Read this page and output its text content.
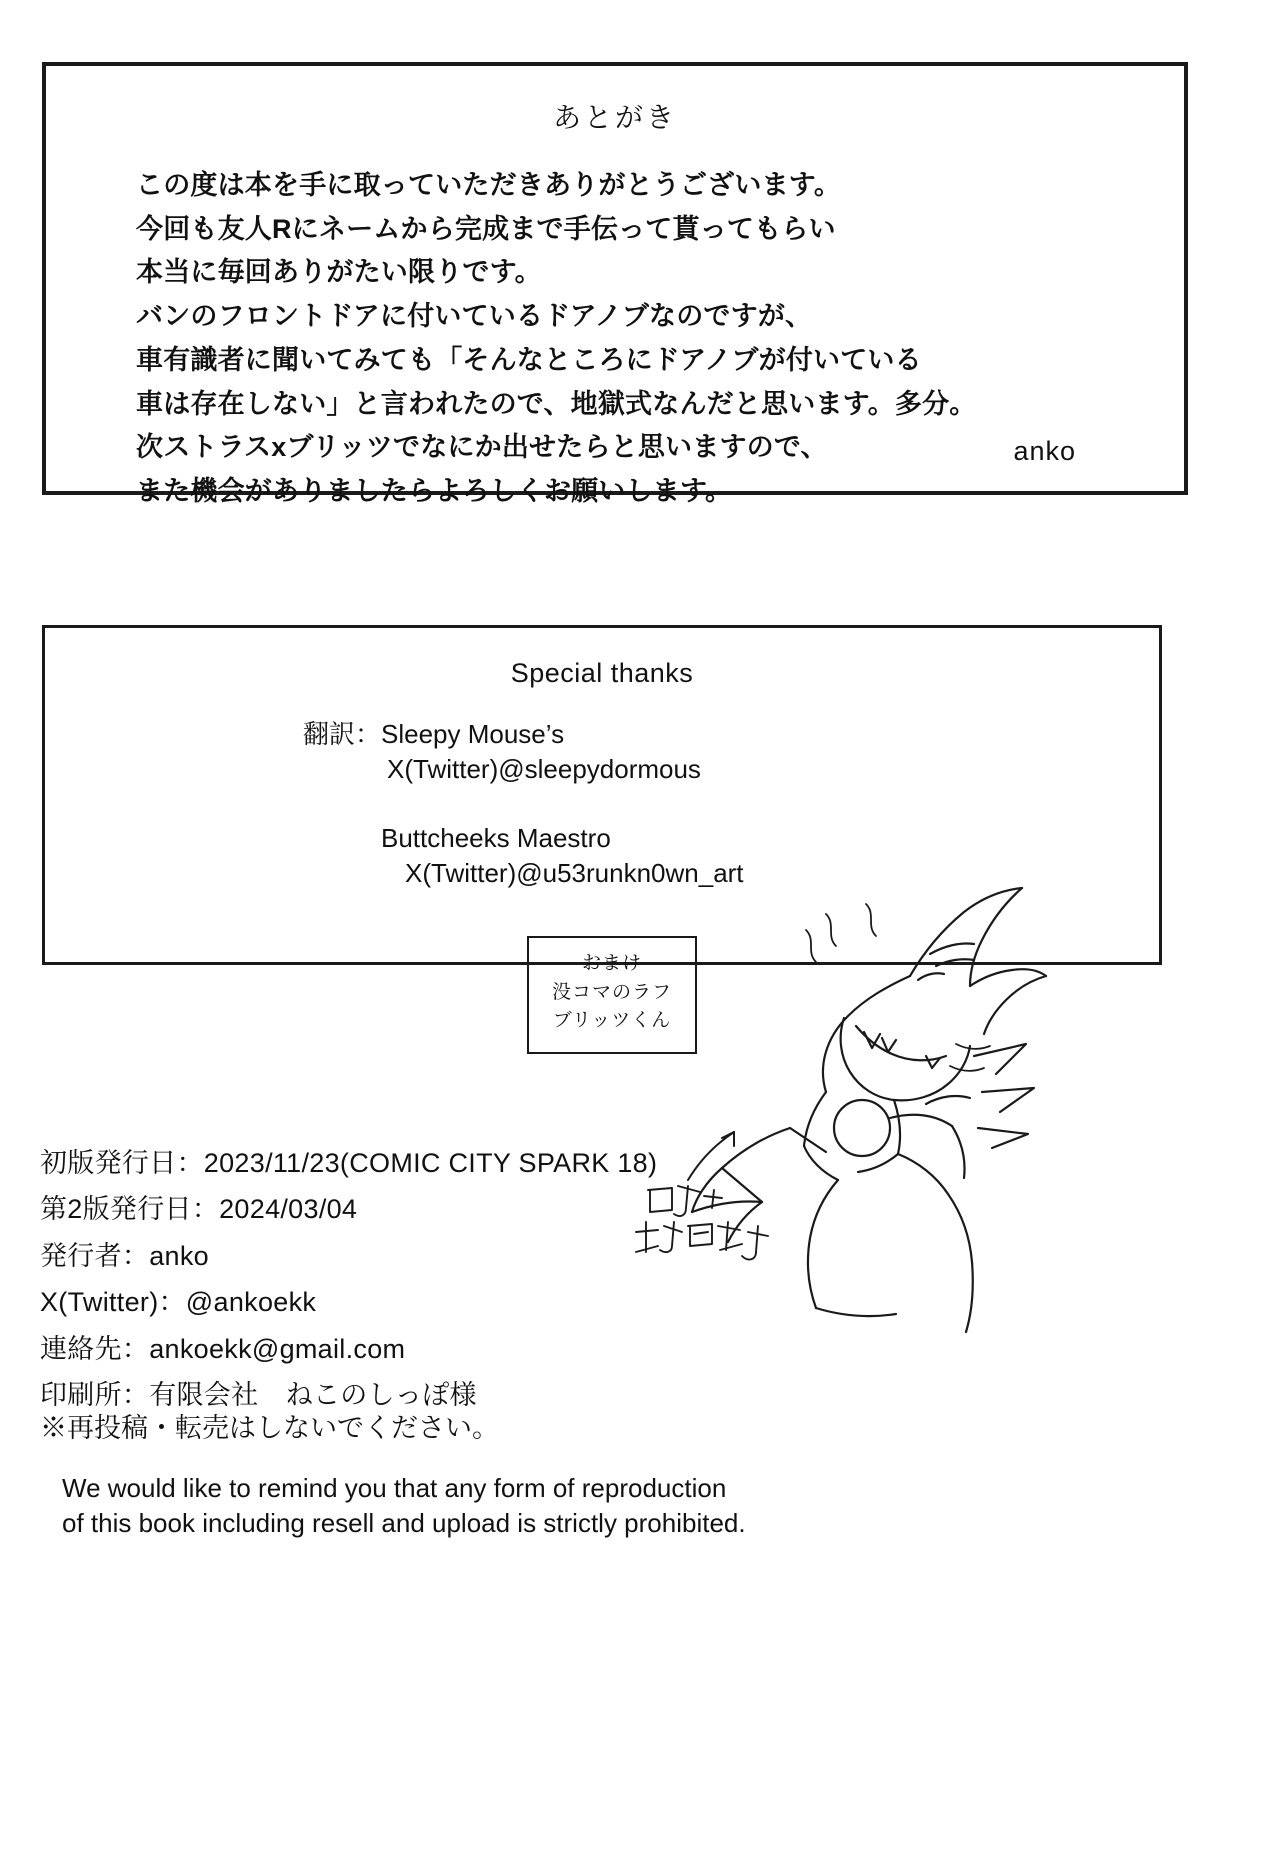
あとがき
この度は本を手に取っていただきありがとうございます。
今回も友人Rにネームから完成まで手伝って貰ってもらい
本当に毎回ありがたい限りです。
バンのフロントドアに付いているドアノブなのですが、
車有識者に聞いてみても「そんなところにドアノブが付いている
車は存在しない」と言われたので、地獄式なんだと思います。多分。
次ストラスxブリッツでなにか出せたらと思いますので、
また機会がありましたらよろしくお願いします。
anko
Special thanks
翻訳：Sleepy Mouse’s
X(Twitter)@sleepydormous
Buttcheeks Maestro
X(Twitter)@u53runkn0wn_art
おまけ
没コマのラフ
ブリッツくん
初版発行日：2023/11/23(COMIC CITY SPARK 18)
第2版発行日：2024/03/04
発行者：anko
X(Twitter)：@ankoekk
連絡先：ankoekk@gmail.com
印刷所：有限会社　ねこのしっぽ様
※再投稿・転売はしないでください。
We would like to remind you that any form of reproduction
of this book including resell and upload is strictly prohibited.
